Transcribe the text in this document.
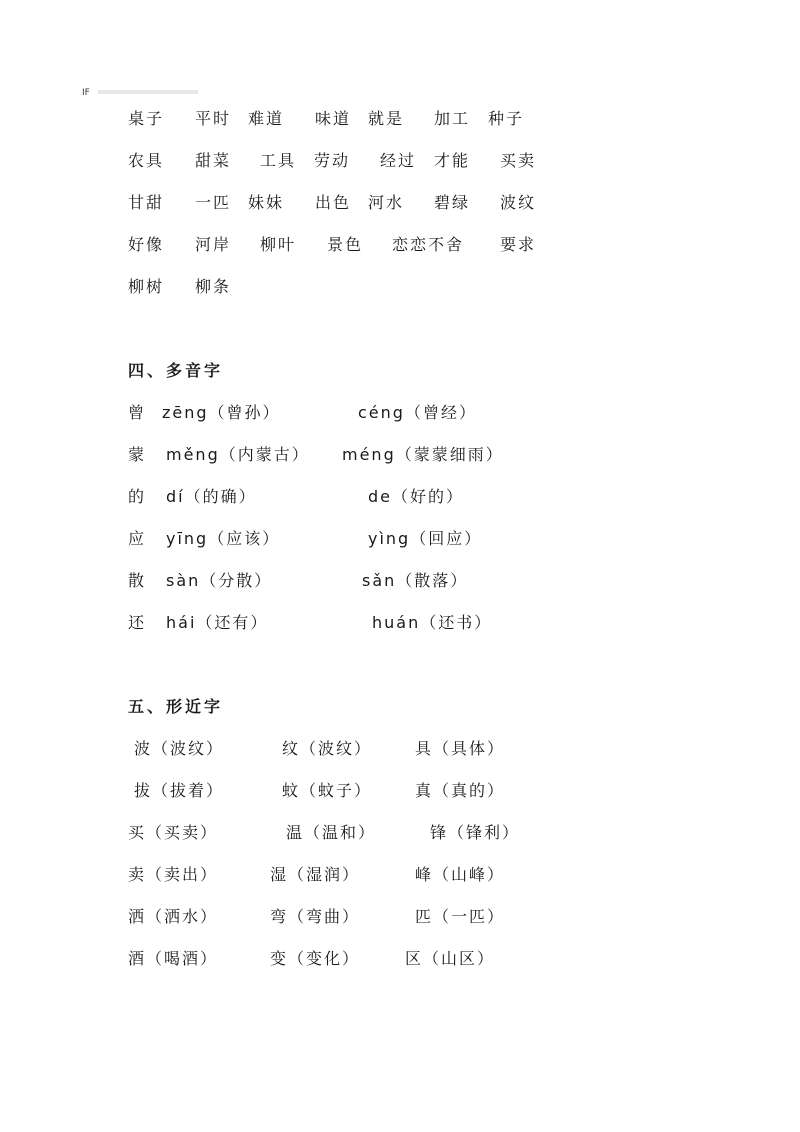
IF
桌子 平时 难道 味道 就是 加工 种子
农具 甜菜 工具 劳动 经过 才能 买卖
甘甜 一匹 妹妹 出色 河水 碧绿 波纹
好像 河岸 柳叶 景色 恋恋不舍 要求
柳树 柳条
四、多音字
曾 zēng（曾孙）	céng（曾经）
蒙 měng（内蒙古） méng（蒙蒙细雨）
的 dí（的确）	de（好的）
应 yīng（应该）	yìng（回应）
散 sàn（分散）	sǎn（散落）
还 hái（还有）	huán（还书）
五、形近字
波（波纹）	纹（波纹）	具（具体）
拔（拔着）	蚊（蚊子）	真（真的）
买（买卖）	温（温和）	锋（锋利）
卖（卖出）	湿（湿润）	峰（山峰）
洒（洒水）	弯（弯曲）	匹（一匹）
酒（喝酒）	变（变化）	区（山区）
